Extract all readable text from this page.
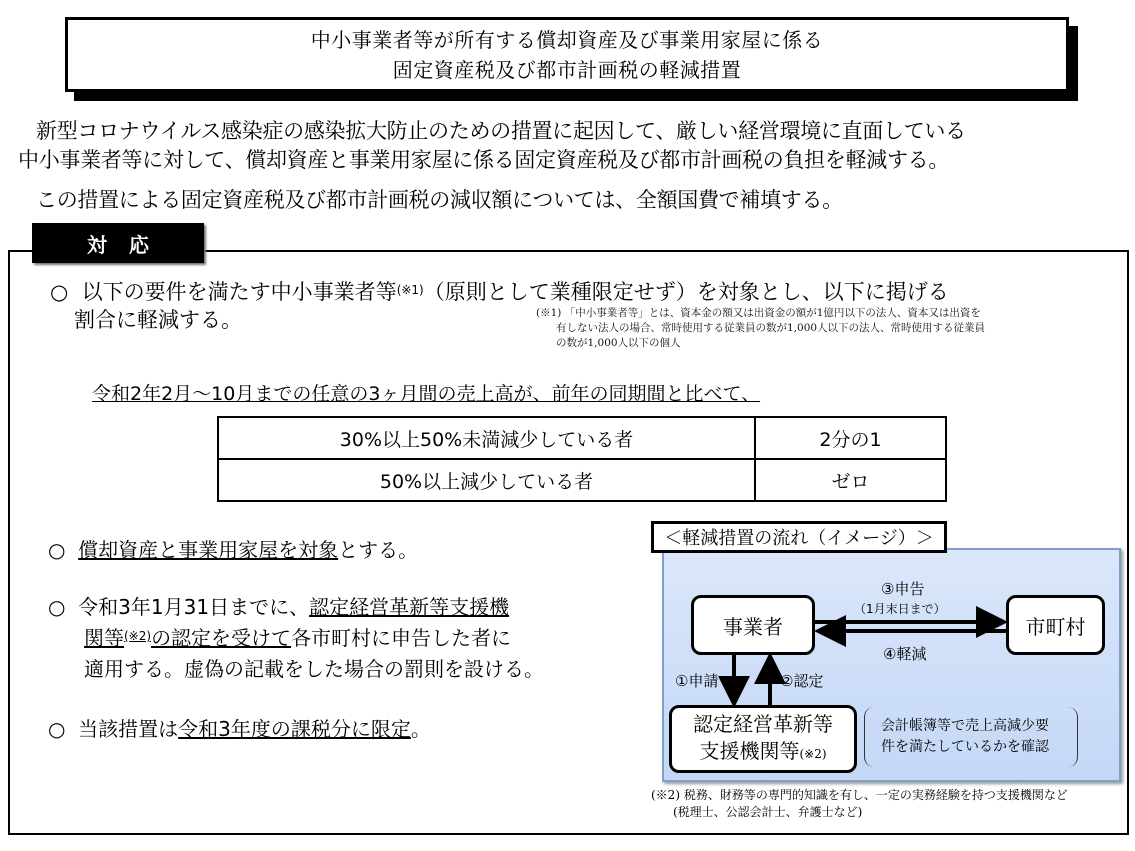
中小事業者等が所有する償却資産及び事業用家屋に係る
固定資産税及び都市計画税の軽減措置
新型コロナウイルス感染症の感染拡大防止のための措置に起因して、厳しい経営環境に直面している
中小事業者等に対して、償却資産と事業用家屋に係る固定資産税及び都市計画税の負担を軽減する。
この措置による固定資産税及び都市計画税の減収額については、全額国費で補填する。
対応
○ 以下の要件を満たす中小事業者等$^{(※1)}$（原則として業種限定せず）を対象とし、以下に掲げる
割合に軽減する。	(※1) 「中小事業者等」とは、資本金の額又は出資金の額が1億円以下の法人、資本又は出資を
有しない法人の場合、常時使用する従業員の数が1,000人以下の法人、常時使用する従業員
の数が1,000人以下の個人
令和2年2月～10月までの任意の3ヶ月間の売上高が、前年の同期間と比べて、
30%以上50%未満減少している者	2分の1
50%以上減少している者	ゼロ
○ 償却資産と事業用家屋を対象とする。
○ 令和3年1月31日までに、認定経営革新等支援機
関等$^{(※2)}$の認定を受けて各市町村に申告した者に
適用する。虚偽の記載をした場合の罰則を設ける。
○ 当該措置は令和3年度の課税分に限定。
＜軽減措置の流れ（イメージ）＞
事業者	市町村
認定経営革新等
支援機関等(※2)
③申告
（1月末日まで）
④軽減
①申請	②認定
会計帳簿等で売上高減少要
件を満たしているかを確認
(※2) 税務、財務等の専門的知識を有し、一定の実務経験を持つ支援機関など
(税理士、公認会計士、弁護士など)
